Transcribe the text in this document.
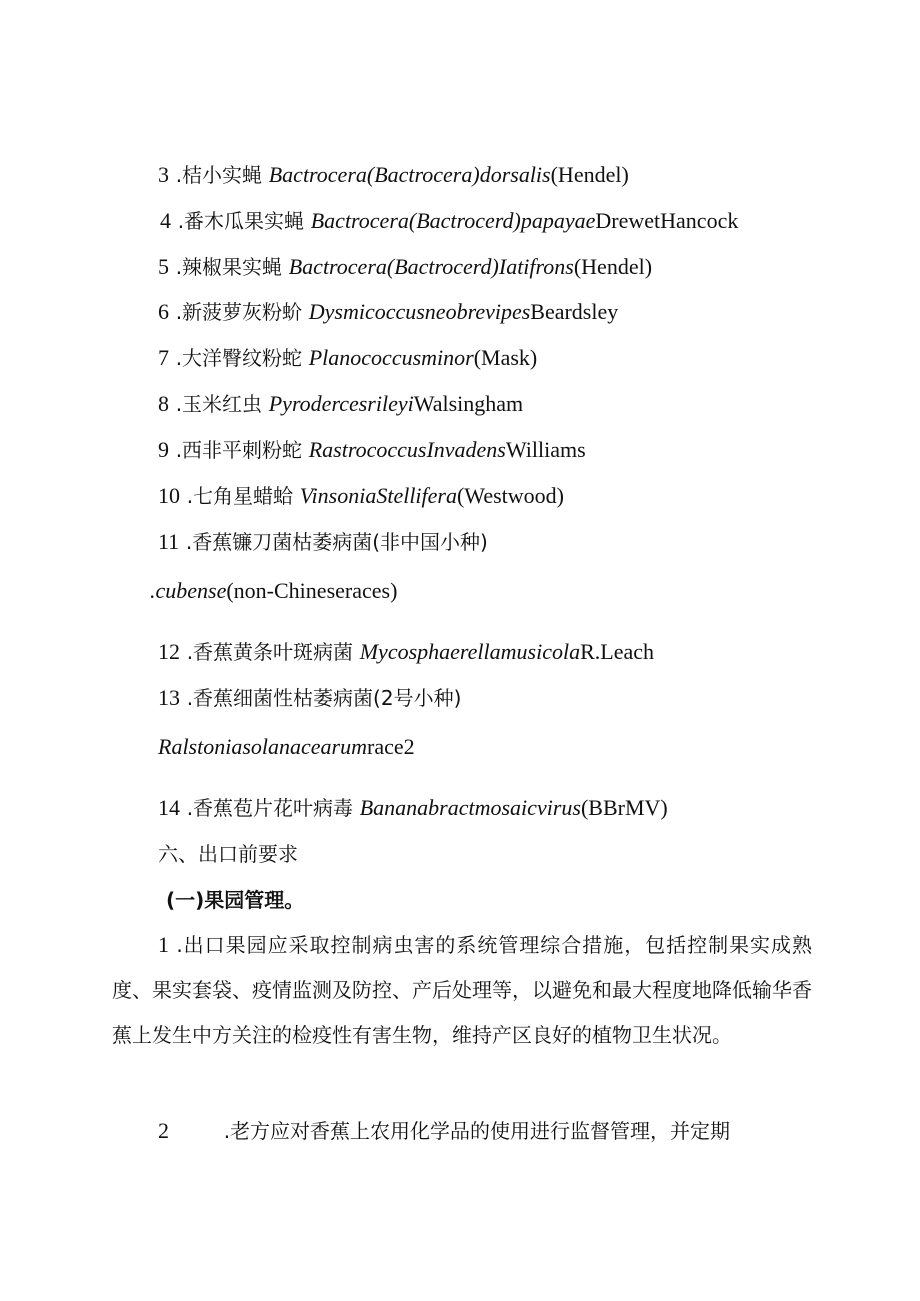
3 .桔小实蝇 Bactrocera(Bactrocera)dorsalis(Hendel)
4 .番木瓜果实蝇 Bactrocera(Bactrocerd)papayaeDrewetHancock
5 .辣椒果实蝇 Bactrocera(Bactrocerd)Iatifrons(Hendel)
6 .新菠萝灰粉蚧 DysmicoccusneobrevipesBeardsley
7 .大洋臀纹粉蛇 Planococcusminor(Mask)
8 .玉米红虫 PyrodercesrileyiWalsingham
9 .西非平刺粉蛇 RastrococcusInvadensWilliams
10 .七角星蜡蛤 VinsoniaStellifera(Westwood)
11 .香蕉镰刀菌枯萎病菌(非中国小种)
.cubense(non-Chineseraces)
12 .香蕉黄条叶斑病菌 MycosphaerellamusicolaR.Leach
13 .香蕉细菌性枯萎病菌(2号小种)
Ralstoniasolanacearumrace2
14 .香蕉苞片花叶病毒 Bananabractmosaicvirus(BBrMV)
六、出口前要求
(一)果园管理。
1 .出口果园应采取控制病虫害的系统管理综合措施，包括控制果实成熟度、果实套袋、疫情监测及防控、产后处理等，以避免和最大程度地降低输华香蕉上发生中方关注的检疫性有害生物，维持产区良好的植物卫生状况。
2	.老方应对香蕉上农用化学品的使用进行监督管理，并定期
